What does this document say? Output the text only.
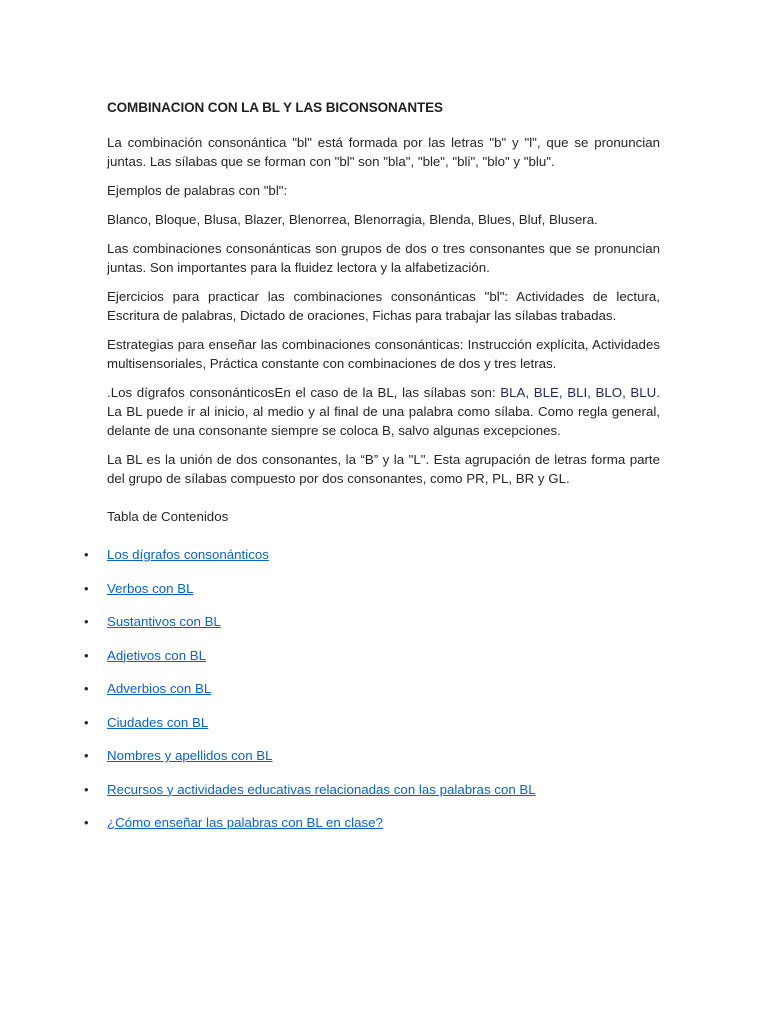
COMBINACION CON LA BL Y LAS BICONSONANTES

La combinación consonántica "bl" está formada por las letras "b" y "l", que se pronuncian juntas. Las sílabas que se forman con "bl" son "bla", "ble", "bli", "blo" y "blu".

Ejemplos de palabras con "bl":

Blanco, Bloque, Blusa, Blazer, Blenorrea, Blenorragia, Blenda, Blues, Bluf, Blusera.

Las combinaciones consonánticas son grupos de dos o tres consonantes que se pronuncian juntas. Son importantes para la fluidez lectora y la alfabetización.

Ejercicios para practicar las combinaciones consonánticas "bl": Actividades de lectura, Escritura de palabras, Dictado de oraciones, Fichas para trabajar las sílabas trabadas.

Estrategias para enseñar las combinaciones consonánticas: Instrucción explícita, Actividades multisensoriales, Práctica constante con combinaciones de dos y tres letras.

.Los dígrafos consonánticosEn el caso de la BL, las sílabas son: BLA, BLE, BLI, BLO, BLU. La BL puede ir al inicio, al medio y al final de una palabra como sílaba. Como regla general, delante de una consonante siempre se coloca B, salvo algunas excepciones.

La BL es la unión de dos consonantes, la “B” y la "L". Esta agrupación de letras forma parte del grupo de sílabas compuesto por dos consonantes, como PR, PL, BR y GL.

Tabla de Contenidos
• Los dígrafos consonánticos
• Verbos con BL
• Sustantivos con BL
• Adjetivos con BL
• Adverbios con BL
• Ciudades con BL
• Nombres y apellidos con BL
• Recursos y actividades educativas relacionadas con las palabras con BL
• ¿Cómo enseñar las palabras con BL en clase?
